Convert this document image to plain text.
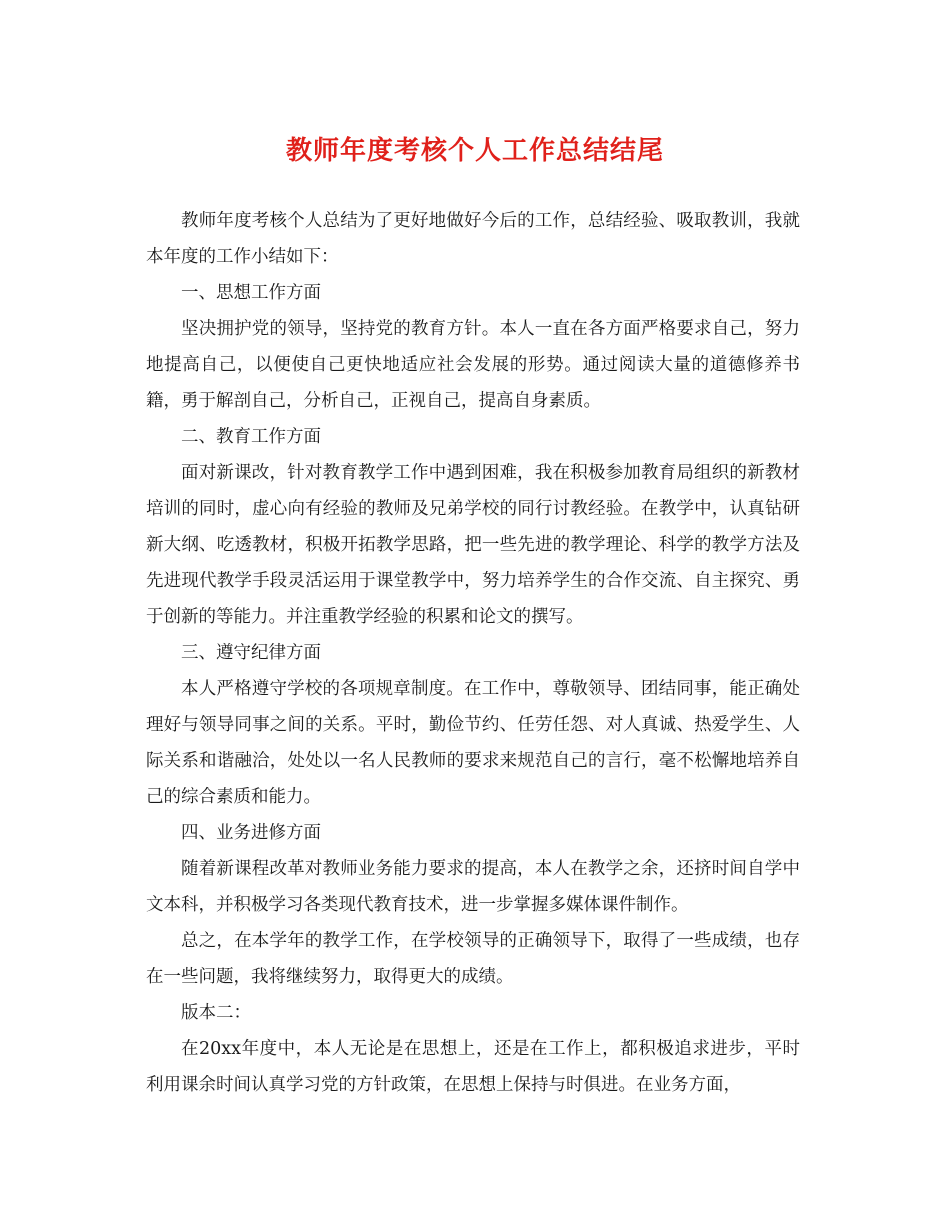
教师年度考核个人工作总结结尾

教师年度考核个人总结为了更好地做好今后的工作，总结经验、吸取教训，我就本年度的工作小结如下：

一、思想工作方面

坚决拥护党的领导，坚持党的教育方针。本人一直在各方面严格要求自己，努力地提高自己，以便使自己更快地适应社会发展的形势。通过阅读大量的道德修养书籍，勇于解剖自己，分析自己，正视自己，提高自身素质。

二、教育工作方面

面对新课改，针对教育教学工作中遇到困难，我在积极参加教育局组织的新教材培训的同时，虚心向有经验的教师及兄弟学校的同行讨教经验。在教学中，认真钻研新大纲、吃透教材，积极开拓教学思路，把一些先进的教学理论、科学的教学方法及先进现代教学手段灵活运用于课堂教学中，努力培养学生的合作交流、自主探究、勇于创新的等能力。并注重教学经验的积累和论文的撰写。

三、遵守纪律方面

本人严格遵守学校的各项规章制度。在工作中，尊敬领导、团结同事，能正确处理好与领导同事之间的关系。平时，勤俭节约、任劳任怨、对人真诚、热爱学生、人际关系和谐融洽，处处以一名人民教师的要求来规范自己的言行，毫不松懈地培养自己的综合素质和能力。

四、业务进修方面

随着新课程改革对教师业务能力要求的提高，本人在教学之余，还挤时间自学中文本科，并积极学习各类现代教育技术，进一步掌握多媒体课件制作。

总之，在本学年的教学工作，在学校领导的正确领导下，取得了一些成绩，也存在一些问题，我将继续努力，取得更大的成绩。

版本二：

在20xx年度中，本人无论是在思想上，还是在工作上，都积极追求进步，平时利用课余时间认真学习党的方针政策，在思想上保持与时俱进。在业务方面，
